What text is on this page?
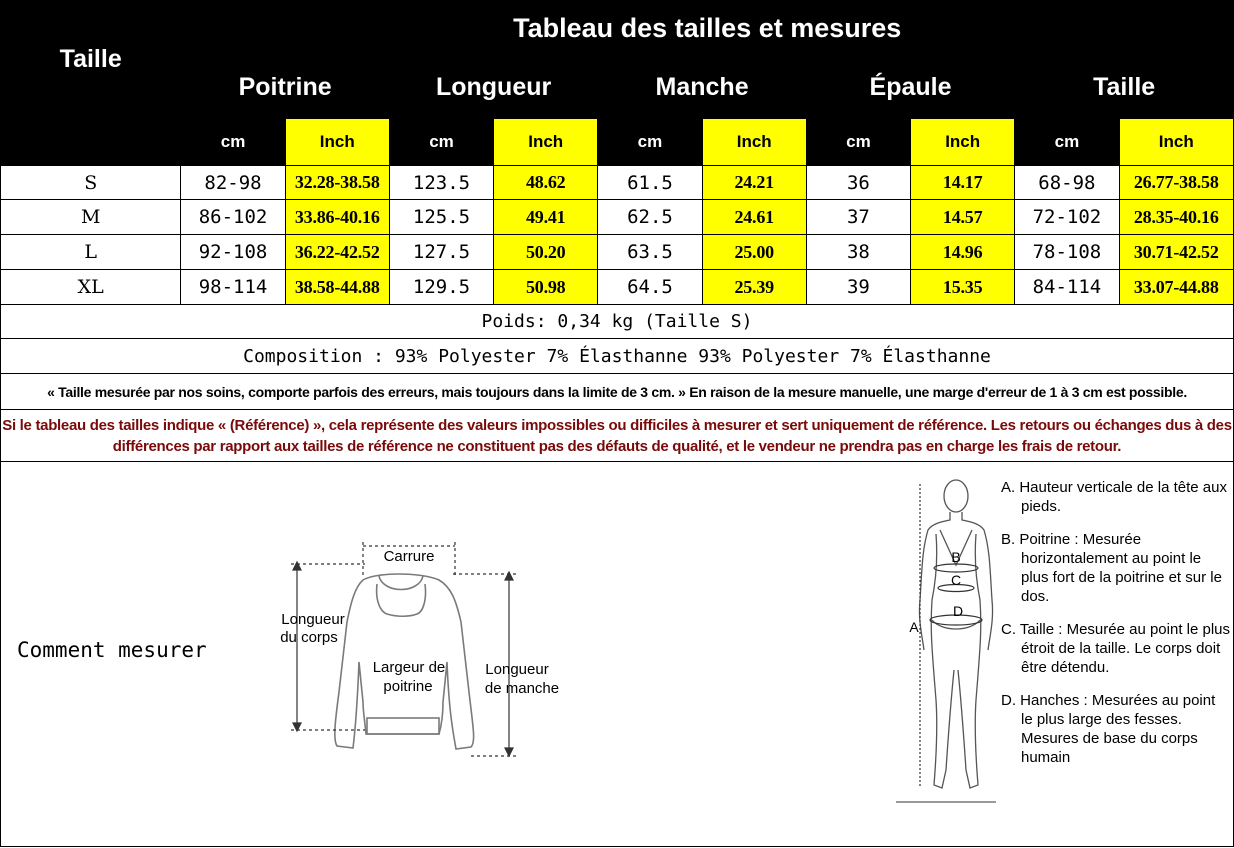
Taille	Tableau des tailles et mesures									
	Poitrine		Longueur		Manche		Épaule		Taille	
	cm	Inch	cm	Inch	cm	Inch	cm	Inch	cm	Inch
S	82-98	32.28-38.58	123.5	48.62	61.5	24.21	36	14.17	68-98	26.77-38.58
M	86-102	33.86-40.16	125.5	49.41	62.5	24.61	37	14.57	72-102	28.35-40.16
L	92-108	36.22-42.52	127.5	50.20	63.5	25.00	38	14.96	78-108	30.71-42.52
XL	98-114	38.58-44.88	129.5	50.98	64.5	25.39	39	15.35	84-114	33.07-44.88
Poids: 0,34 kg (Taille S)										
Composition : 93% Polyester 7% Élasthanne 93% Polyester 7% Élasthanne										
« Taille mesurée par nos soins, comporte parfois des erreurs, mais toujours dans la limite de 3 cm. » En raison de la mesure manuelle, une marge d'erreur de 1 à 3 cm est possible.										
Si le tableau des tailles indique « (Référence) », cela représente des valeurs impossibles ou difficiles à mesurer et sert uniquement de référence. Les retours ou échanges dus à des différences par rapport aux tailles de référence ne constituent pas des défauts de qualité, et le vendeur ne prendra pas en charge les frais de retour.										
Comment mesurer
Carrure
Longueur
du corps
Largeur de
poitrine
Longueur
de manche
B
C
D
A
A. Hauteur verticale de la tête aux pieds.
B. Poitrine : Mesurée horizontalement au point le plus fort de la poitrine et sur le dos.
C. Taille : Mesurée au point le plus étroit de la taille. Le corps doit être détendu.
D. Hanches : Mesurées au point le plus large des fesses. Mesures de base du corps humain
